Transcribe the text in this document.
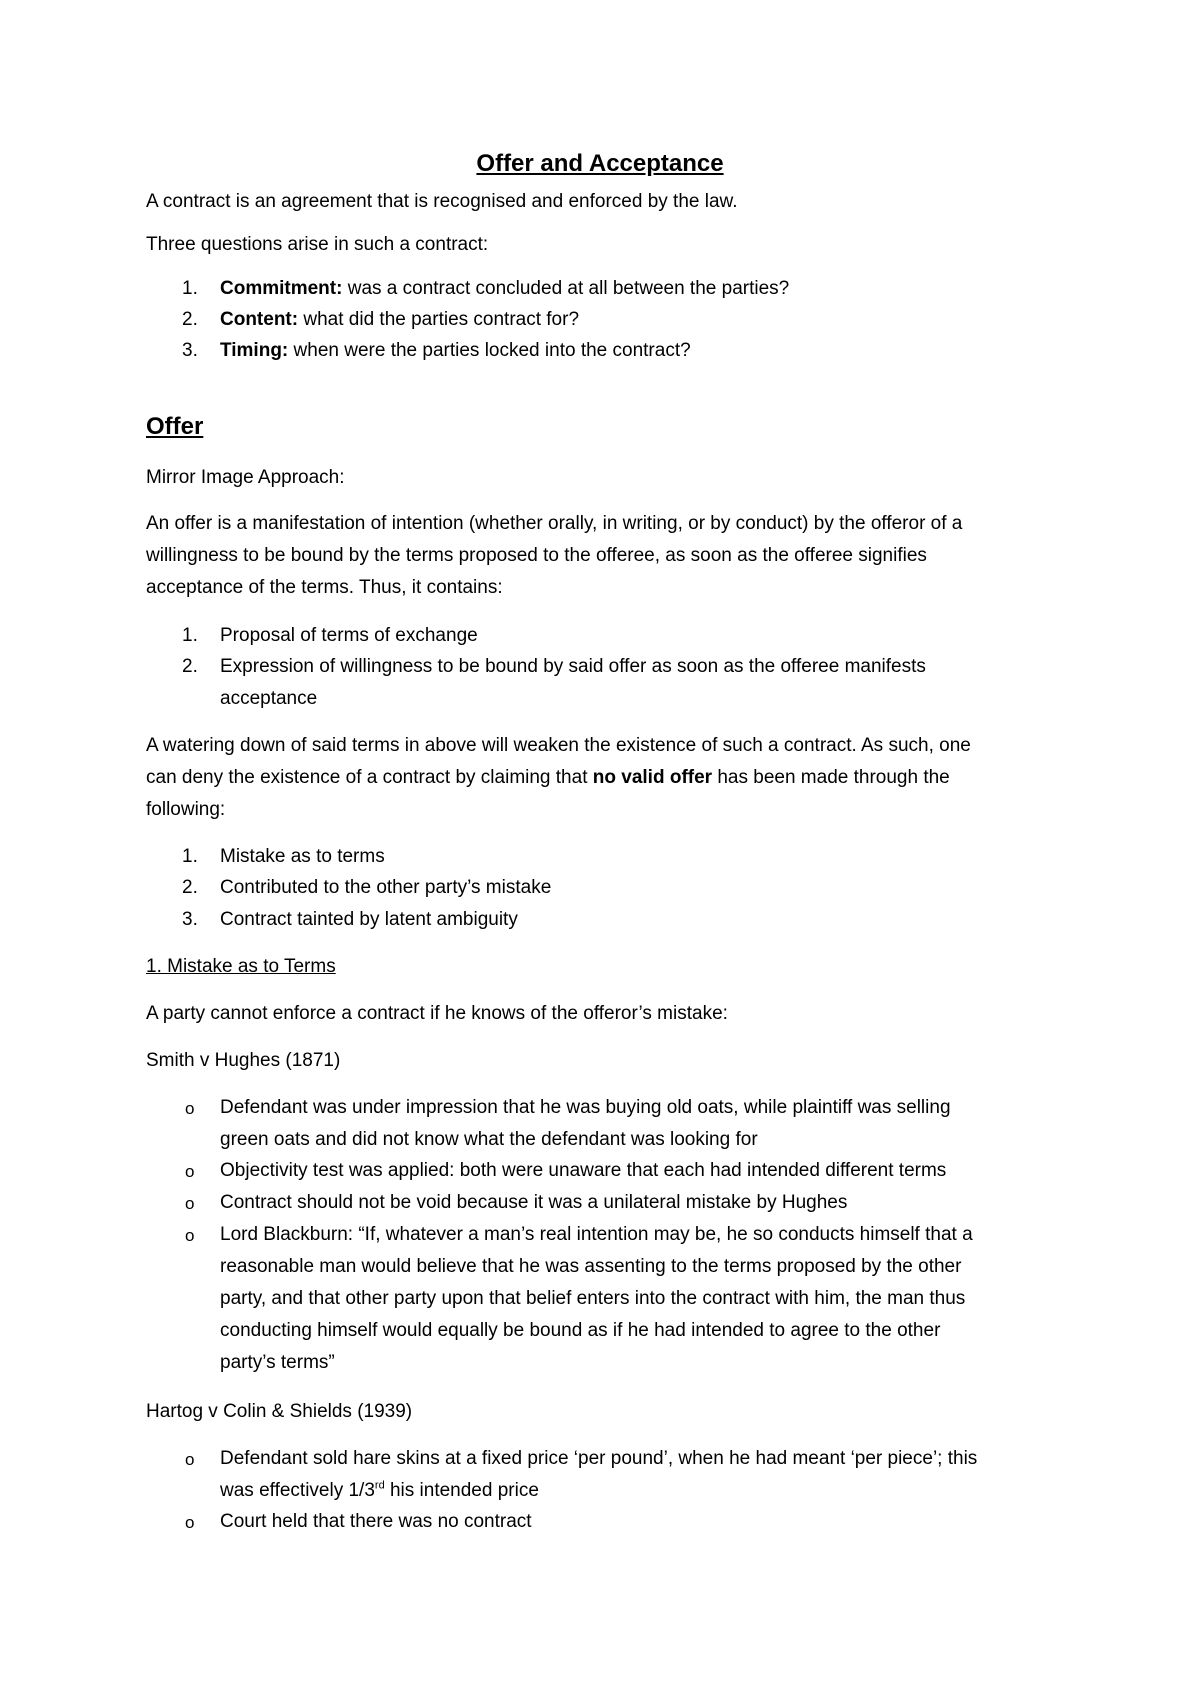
Offer and Acceptance
A contract is an agreement that is recognised and enforced by the law.
Three questions arise in such a contract:
1. Commitment: was a contract concluded at all between the parties?
2. Content: what did the parties contract for?
3. Timing: when were the parties locked into the contract?
Offer
Mirror Image Approach:
An offer is a manifestation of intention (whether orally, in writing, or by conduct) by the offeror of a
willingness to be bound by the terms proposed to the offeree, as soon as the offeree signifies
acceptance of the terms. Thus, it contains:
1. Proposal of terms of exchange
2. Expression of willingness to be bound by said offer as soon as the offeree manifests
acceptance
A watering down of said terms in above will weaken the existence of such a contract. As such, one
can deny the existence of a contract by claiming that no valid offer has been made through the
following:
1. Mistake as to terms
2. Contributed to the other party’s mistake
3. Contract tainted by latent ambiguity
1. Mistake as to Terms
A party cannot enforce a contract if he knows of the offeror’s mistake:
Smith v Hughes (1871)
o Defendant was under impression that he was buying old oats, while plaintiff was selling
green oats and did not know what the defendant was looking for
o Objectivity test was applied: both were unaware that each had intended different terms
o Contract should not be void because it was a unilateral mistake by Hughes
o Lord Blackburn: “If, whatever a man’s real intention may be, he so conducts himself that a
reasonable man would believe that he was assenting to the terms proposed by the other
party, and that other party upon that belief enters into the contract with him, the man thus
conducting himself would equally be bound as if he had intended to agree to the other
party’s terms”
Hartog v Colin & Shields (1939)
o Defendant sold hare skins at a fixed price ‘per pound’, when he had meant ‘per piece’; this
was effectively 1/3rd his intended price
o Court held that there was no contract
